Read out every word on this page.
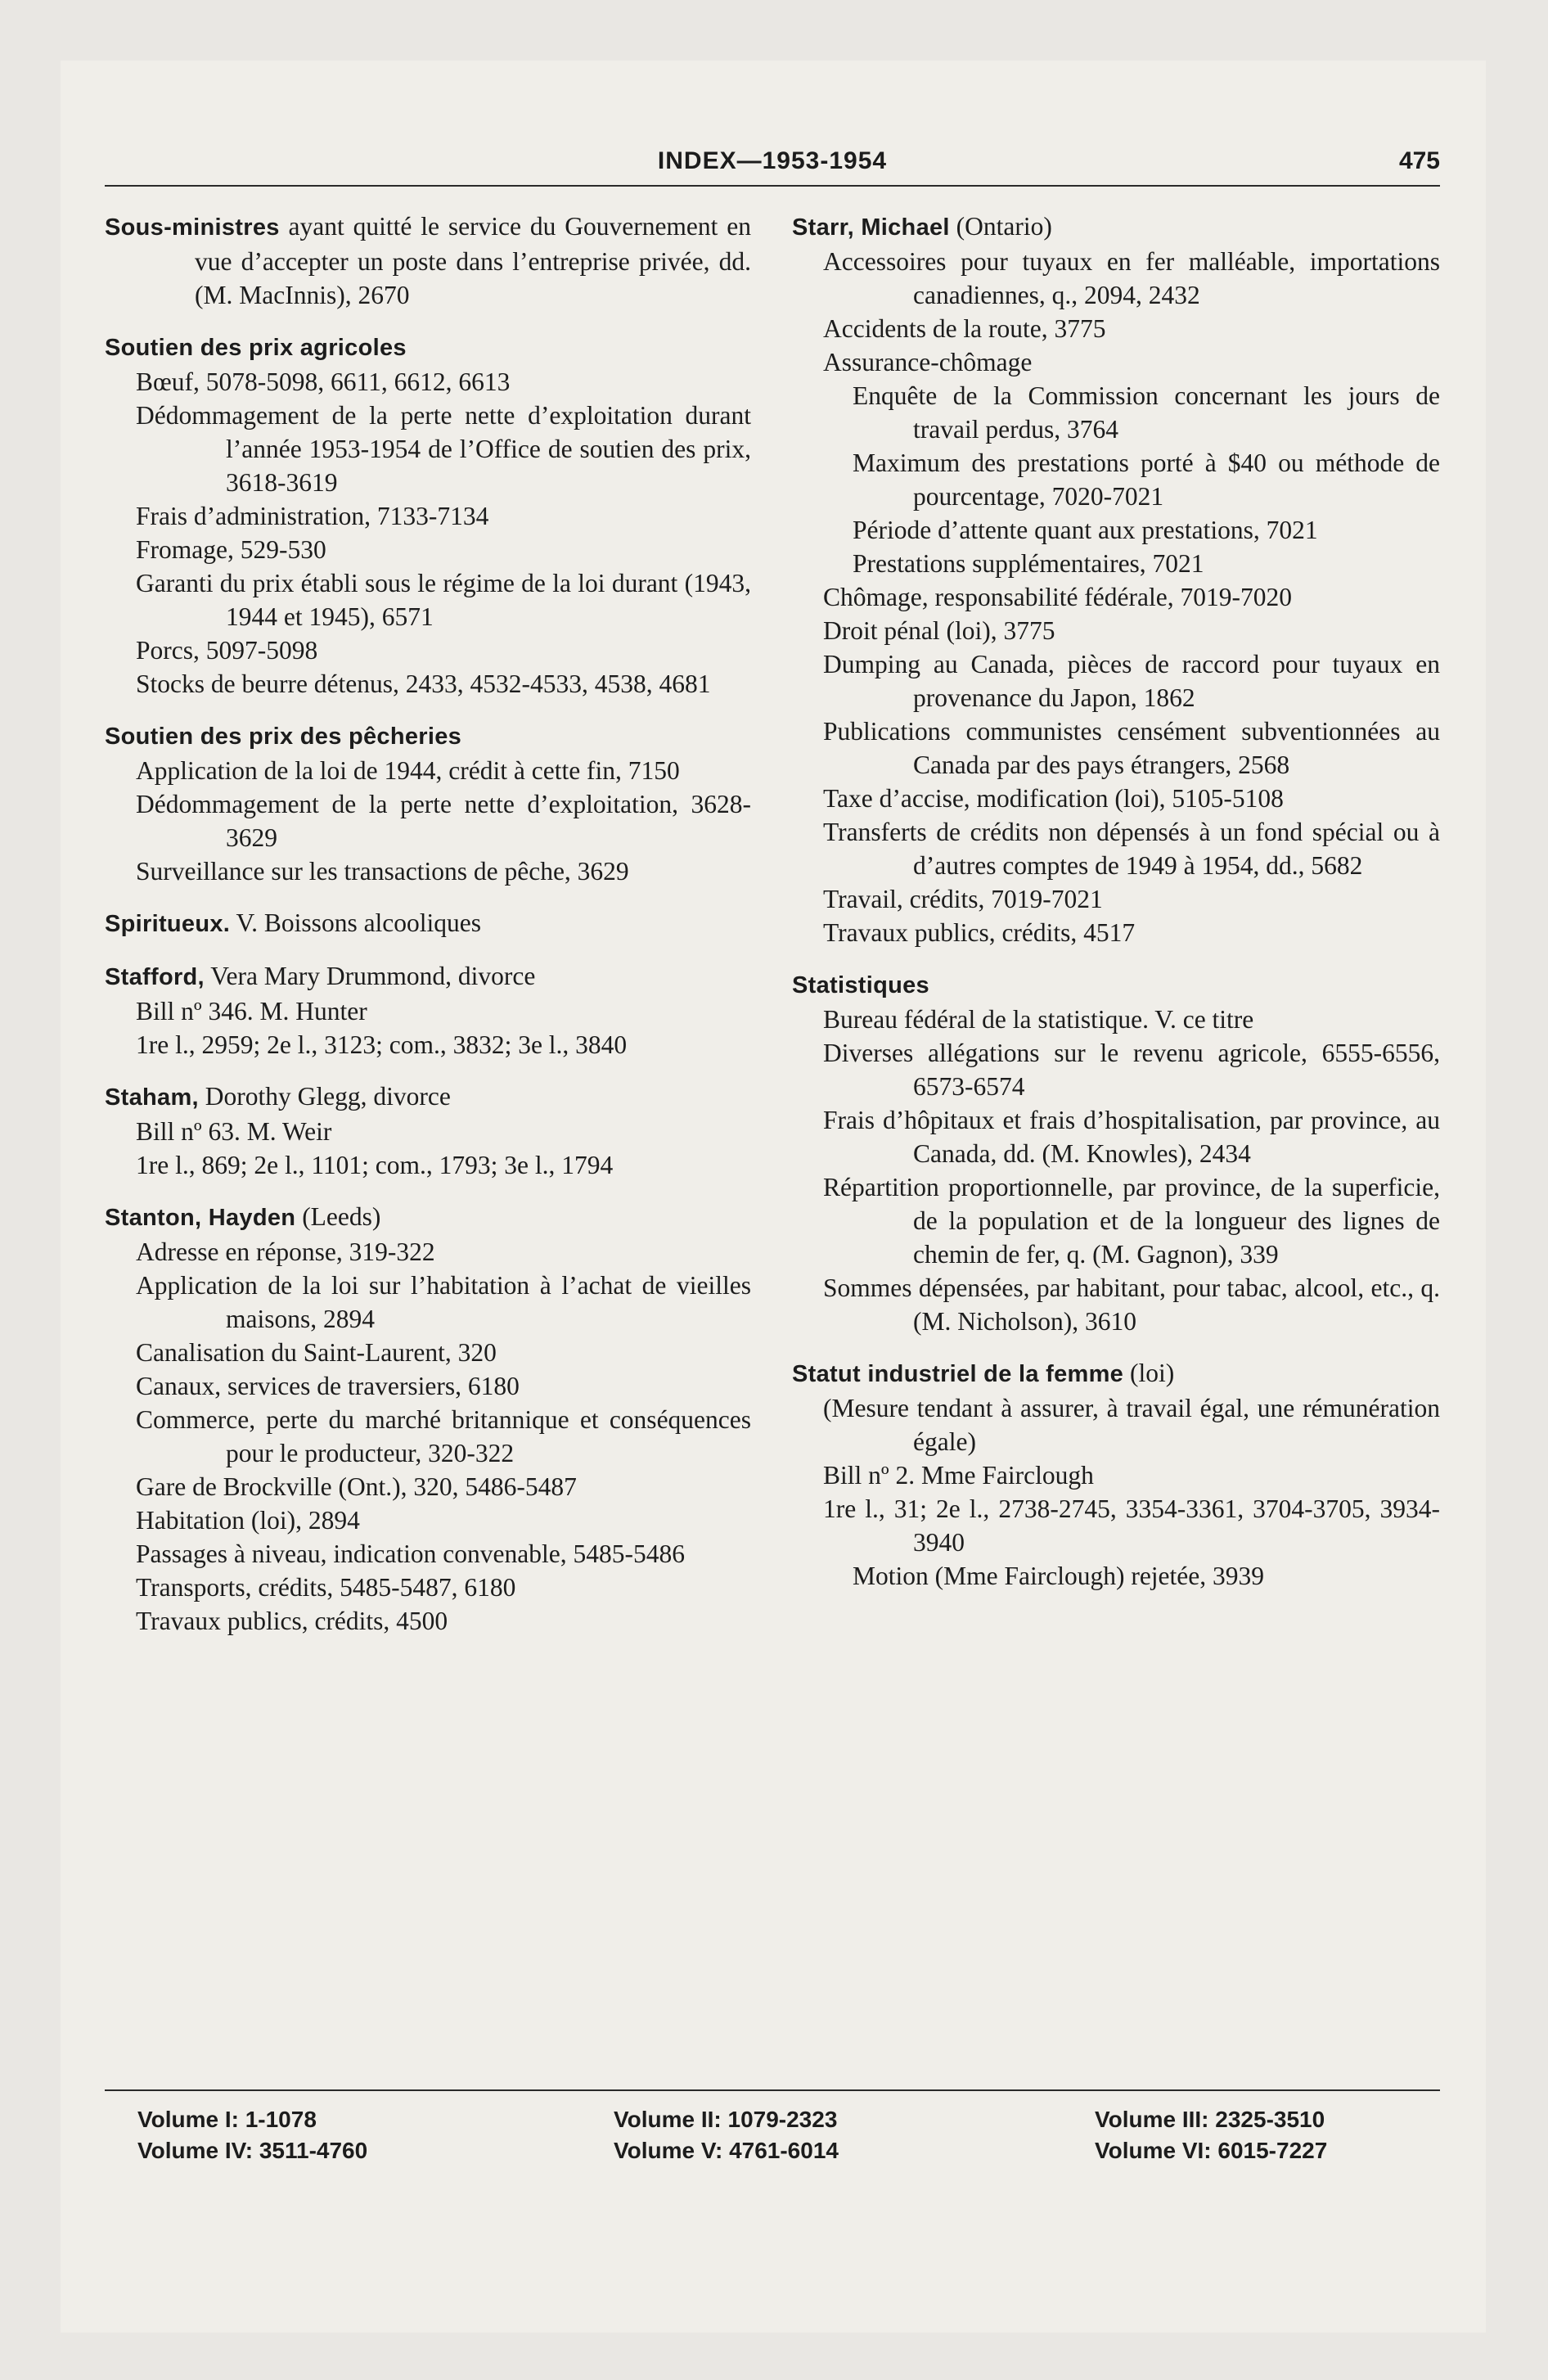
INDEX—1953-1954	475
Sous-ministres ayant quitté le service du Gouvernement en vue d’accepter un poste dans l’entreprise privée, dd. (M. MacInnis), 2670
Soutien des prix agricoles
Bœuf, 5078-5098, 6611, 6612, 6613
Dédommagement de la perte nette d’exploitation durant l’année 1953-1954 de l’Office de soutien des prix, 3618-3619
Frais d’administration, 7133-7134
Fromage, 529-530
Garanti du prix établi sous le régime de la loi durant (1943, 1944 et 1945), 6571
Porcs, 5097-5098
Stocks de beurre détenus, 2433, 4532-4533, 4538, 4681
Soutien des prix des pêcheries
Application de la loi de 1944, crédit à cette fin, 7150
Dédommagement de la perte nette d’exploitation, 3628-3629
Surveillance sur les transactions de pêche, 3629
Spiritueux. V. Boissons alcooliques
Stafford, Vera Mary Drummond, divorce
Bill nº 346. M. Hunter
1re l., 2959; 2e l., 3123; com., 3832; 3e l., 3840
Staham, Dorothy Glegg, divorce
Bill nº 63. M. Weir
1re l., 869; 2e l., 1101; com., 1793; 3e l., 1794
Stanton, Hayden (Leeds)
Adresse en réponse, 319-322
Application de la loi sur l’habitation à l’achat de vieilles maisons, 2894
Canalisation du Saint-Laurent, 320
Canaux, services de traversiers, 6180
Commerce, perte du marché britannique et conséquences pour le producteur, 320-322
Gare de Brockville (Ont.), 320, 5486-5487
Habitation (loi), 2894
Passages à niveau, indication convenable, 5485-5486
Transports, crédits, 5485-5487, 6180
Travaux publics, crédits, 4500
Starr, Michael (Ontario)
Accessoires pour tuyaux en fer malléable, importations canadiennes, q., 2094, 2432
Accidents de la route, 3775
Assurance-chômage
Enquête de la Commission concernant les jours de travail perdus, 3764
Maximum des prestations porté à $40 ou méthode de pourcentage, 7020-7021
Période d’attente quant aux prestations, 7021
Prestations supplémentaires, 7021
Chômage, responsabilité fédérale, 7019-7020
Droit pénal (loi), 3775
Dumping au Canada, pièces de raccord pour tuyaux en provenance du Japon, 1862
Publications communistes censément subventionnées au Canada par des pays étrangers, 2568
Taxe d’accise, modification (loi), 5105-5108
Transferts de crédits non dépensés à un fond spécial ou à d’autres comptes de 1949 à 1954, dd., 5682
Travail, crédits, 7019-7021
Travaux publics, crédits, 4517
Statistiques
Bureau fédéral de la statistique. V. ce titre
Diverses allégations sur le revenu agricole, 6555-6556, 6573-6574
Frais d’hôpitaux et frais d’hospitalisation, par province, au Canada, dd. (M. Knowles), 2434
Répartition proportionnelle, par province, de la superficie, de la population et de la longueur des lignes de chemin de fer, q. (M. Gagnon), 339
Sommes dépensées, par habitant, pour tabac, alcool, etc., q. (M. Nicholson), 3610
Statut industriel de la femme (loi)
(Mesure tendant à assurer, à travail égal, une rémunération égale)
Bill nº 2. Mme Fairclough
1re l., 31; 2e l., 2738-2745, 3354-3361, 3704-3705, 3934-3940
Motion (Mme Fairclough) rejetée, 3939
Volume I: 1-1078
Volume IV: 3511-4760
Volume II: 1079-2323
Volume V: 4761-6014
Volume III: 2325-3510
Volume VI: 6015-7227
